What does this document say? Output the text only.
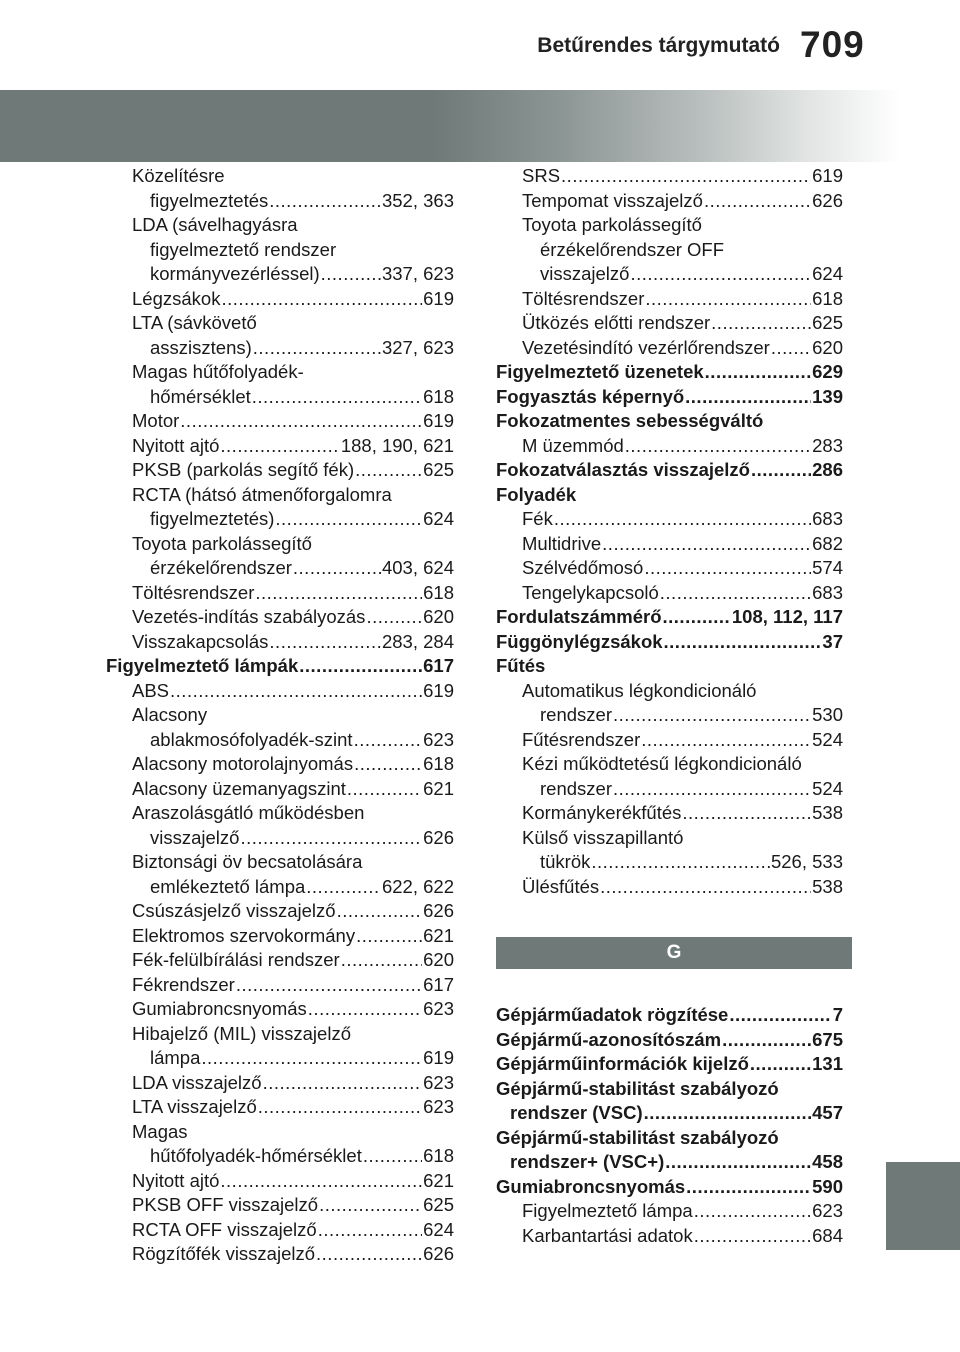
Betűrendes tárgymutató 709
Közelítésre
figyelmeztetés .....	352, 363
LDA (sávelhagyásra
figyelmeztető rendszer
kormányvezérléssel) .....	337, 623
Légzsákok .....	619
LTA (sávkövető
asszisztens) .....	327, 623
Magas hűtőfolyadék-
hőmérséklet .....	618
Motor .....	619
Nyitott ajtó .....	188, 190, 621
PKSB (parkolás segítő fék) .....	625
RCTA (hátsó átmenőforgalomra
figyelmeztetés) .....	624
Toyota parkolássegítő
érzékelőrendszer .....	403, 624
Töltésrendszer .....	618
Vezetés-indítás szabályozás .....	620
Visszakapcsolás .....	283, 284
Figyelmeztető lámpák .....	617
ABS .....	619
Alacsony
ablakmosófolyadék-szint .....	623
Alacsony motorolajnyomás .....	618
Alacsony üzemanyagszint .....	621
Araszolásgátló működésben
visszajelző .....	626
Biztonsági öv becsatolására
emlékeztető lámpa .....	622, 622
Csúszásjelző visszajelző .....	626
Elektromos szervokormány .....	621
Fék-felülbírálási rendszer .....	620
Fékrendszer .....	617
Gumiabroncsnyomás .....	623
Hibajelző (MIL) visszajelző
lámpa .....	619
LDA visszajelző .....	623
LTA visszajelző .....	623
Magas
hűtőfolyadék-hőmérséklet .....	618
Nyitott ajtó .....	621
PKSB OFF visszajelző .....	625
RCTA OFF visszajelző .....	624
Rögzítőfék visszajelző .....	626
SRS .....	619
Tempomat visszajelző .....	626
Toyota parkolássegítő
érzékelőrendszer OFF
visszajelző .....	624
Töltésrendszer .....	618
Ütközés előtti rendszer .....	625
Vezetésindító vezérlőrendszer ..... 620
Figyelmeztető üzenetek .....	629
Fogyasztás képernyő .....	139
Fokozatmentes sebességváltó
M üzemmód .....	283
Fokozatválasztás visszajelző .....	286
Folyadék
Fék .....	683
Multidrive .....	682
Szélvédőmosó .....	574
Tengelykapcsoló .....	683
Fordulatszámmérő .....	108, 112, 117
Függönylégzsákok .....	37
Fűtés
Automatikus légkondicionáló
rendszer .....	530
Fűtésrendszer .....	524
Kézi működtetésű légkondicionáló
rendszer .....	524
Kormánykerékfűtés .....	538
Külső visszapillantó
tükrök .....	526, 533
Ülésfűtés .....	538
G
Gépjárműadatok rögzítése .....	7
Gépjármű-azonosítószám .....	675
Gépjárműinformációk kijelző .....	131
Gépjármű-stabilitást szabályozó
rendszer (VSC) .....	457
Gépjármű-stabilitást szabályozó
rendszer+ (VSC+) .....	458
Gumiabroncsnyomás .....	590
Figyelmeztető lámpa .....	623
Karbantartási adatok .....	684
